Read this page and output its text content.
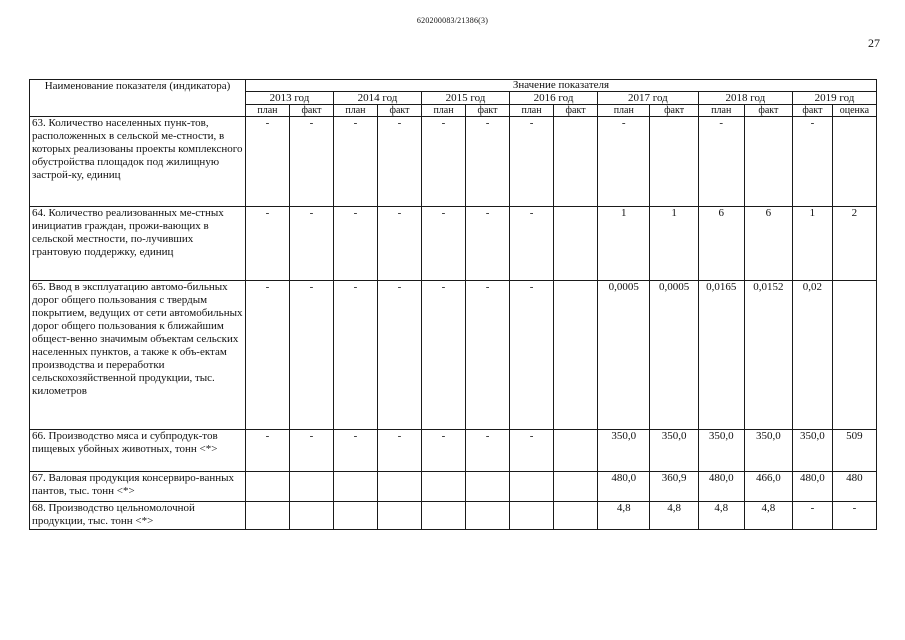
620200083/21386(3)
27
Наименование показателя (индикатора)	Значение показателя													
	2013 год		2014 год		2015 год		2016 год		2017 год		2018 год		2019 год	
	план	факт	план	факт	план	факт	план	факт	план	факт	план	факт	факт	оценка
63. Количество населенных пунк-тов, расположенных в сельской ме-стности, в которых реализованы проекты комплексного обустройства площадок под жилищную застрой-ку, единиц	-	-	-	-	-	-	-		-		-		-	
64. Количество реализованных ме-стных инициатив граждан, прожи-вающих в сельской местности, по-лучивших грантовую поддержку, единиц	-	-	-	-	-	-	-		1	1	6	6	1	2
65. Ввод в эксплуатацию автомо-бильных дорог общего пользования с твердым покрытием, ведущих от сети автомобильных дорог общего пользования к ближайшим общест-венно значимым объектам сельских населенных пунктов, а также к объ-ектам производства и переработки сельскохозяйственной продукции, тыс. километров	-	-	-	-	-	-	-		0,0005	0,0005	0,0165	0,0152	0,02	
66. Производство мяса и субпродук-тов пищевых убойных животных, тонн <*>	-	-	-	-	-	-	-		350,0	350,0	350,0	350,0	350,0	509
67. Валовая продукция консервиро-ванных пантов, тыс. тонн <*>									480,0	360,9	480,0	466,0	480,0	480
68. Производство цельномолочной продукции, тыс. тонн <*>									4,8	4,8	4,8	4,8	-	-
